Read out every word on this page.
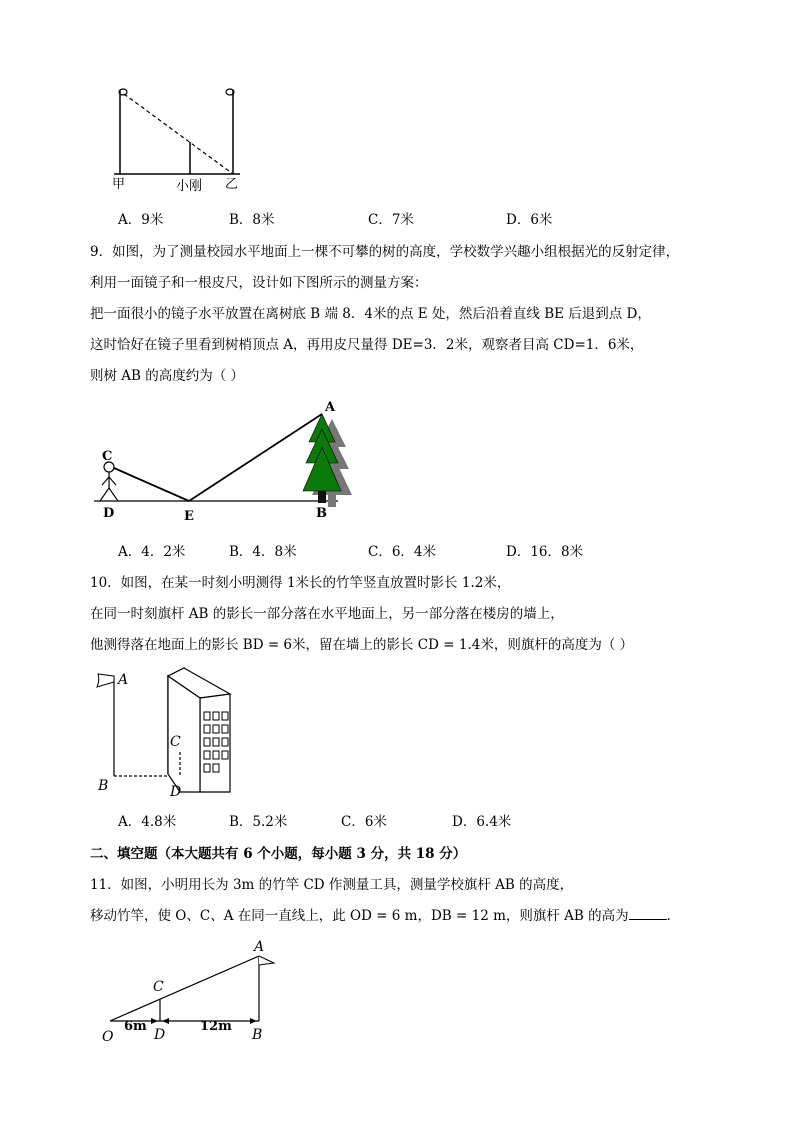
甲	小刚 乙
A．9米	B．8米	C．7米	D．6米
9．如图，为了测量校园水平地面上一棵不可攀的树的高度，学校数学兴趣小组根据光的反射定律，
利用一面镜子和一根皮尺，设计如下图所示的测量方案：
把一面很小的镜子水平放置在离树底 B 端 8．4米的点 E 处，然后沿着直线 BE 后退到点 D，
这时恰好在镜子里看到树梢顶点 A，再用皮尺量得 DE=3．2米，观察者目高 CD=1．6米，
则树 AB 的高度约为（ ）
C
D	E
A
B
A．4．2米	B．4．8米	C．6．4米	D．16．8米
10．如图，在某一时刻小明测得 1米长的竹竿竖直放置时影长 1.2米，
在同一时刻旗杆 AB 的影长一部分落在水平地面上，另一部分落在楼房的墙上，
他测得落在地面上的影长 BD = 6米，留在墙上的影长 CD = 1.4米，则旗杆的高度为（ ）
A
B
C
D
A．4.8米	B．5.2米	C．6米	D．6.4米
二、填空题（本大题共有 6 个小题，每小题 3 分，共 18 分）
11．如图，小明用长为 3m 的竹竿 CD 作测量工具，测量学校旗杆 AB 的高度，
移动竹竿，使 O、C、A 在同一直线上，此 OD = 6 m，DB = 12 m，则旗杆 AB 的高为	．
6m	12m
A
C
O	D	B
